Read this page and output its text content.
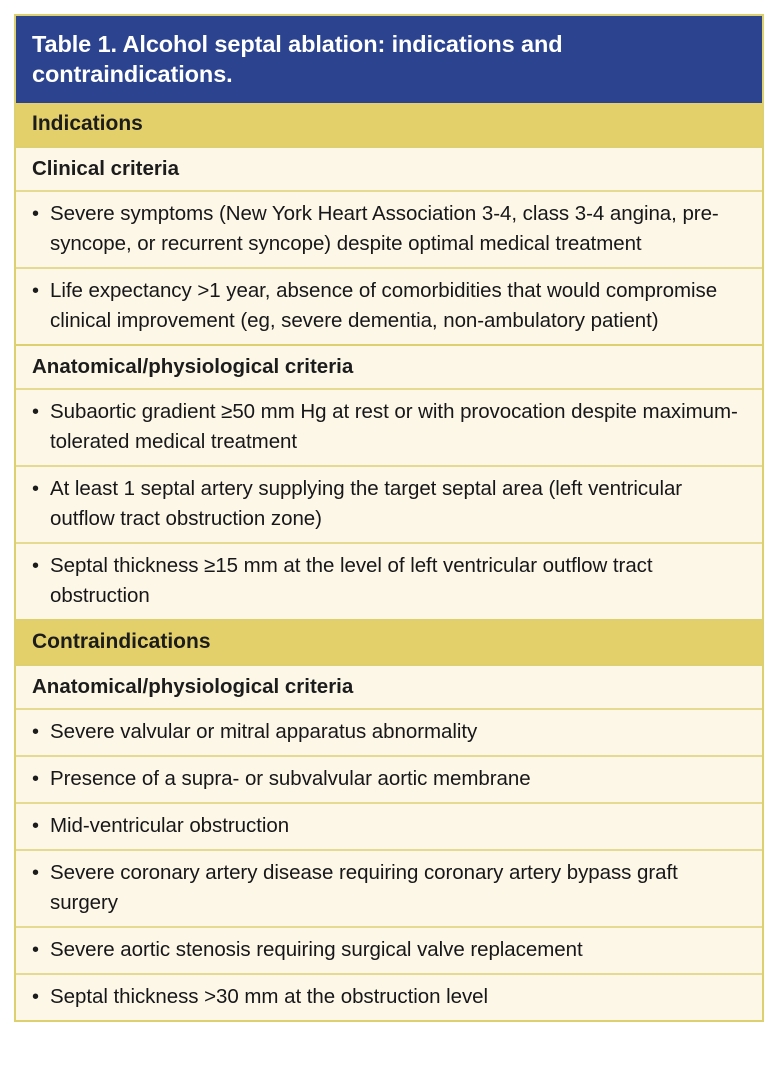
Table 1. Alcohol septal ablation: indications and contraindications.
Indications
Clinical criteria
• Severe symptoms (New York Heart Association 3-4, class 3-4 angina, pre-syncope, or recurrent syncope) despite optimal medical treatment
• Life expectancy >1 year, absence of comorbidities that would compromise clinical improvement (eg, severe dementia, non-ambulatory patient)
Anatomical/physiological criteria
• Subaortic gradient ≥50 mm Hg at rest or with provocation despite maximum-tolerated medical treatment
• At least 1 septal artery supplying the target septal area (left ventricular outflow tract obstruction zone)
• Septal thickness ≥15 mm at the level of left ventricular outflow tract obstruction
Contraindications
Anatomical/physiological criteria
• Severe valvular or mitral apparatus abnormality
• Presence of a supra- or subvalvular aortic membrane
• Mid-ventricular obstruction
• Severe coronary artery disease requiring coronary artery bypass graft surgery
• Severe aortic stenosis requiring surgical valve replacement
• Septal thickness >30 mm at the obstruction level
